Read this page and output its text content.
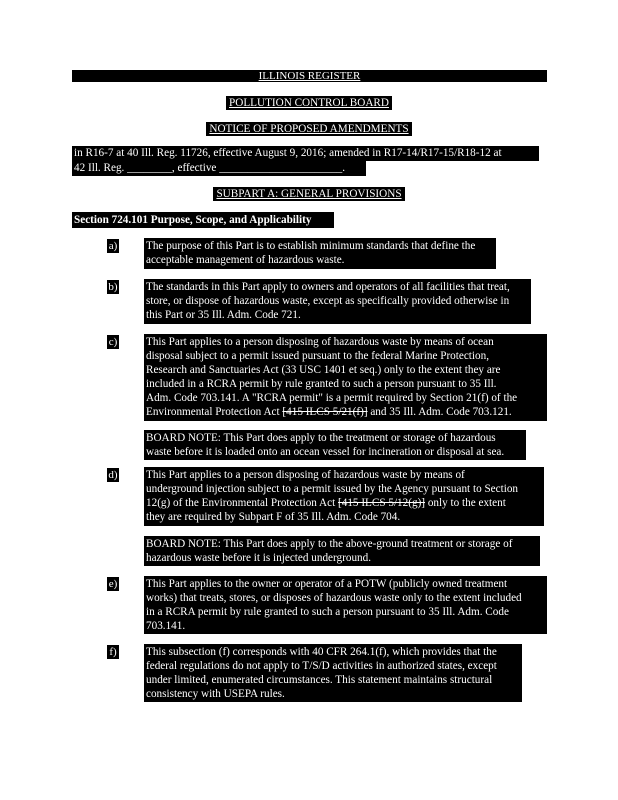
ILLINOIS REGISTER
POLLUTION CONTROL BOARD
NOTICE OF PROPOSED AMENDMENTS
in R16-7 at 40 Ill. Reg. 11726, effective August 9, 2016; amended in R17-14/R17-15/R18-12 at
42 Ill. Reg. ________, effective ______________________.
SUBPART A: GENERAL PROVISIONS
Section 724.101 Purpose, Scope, and Applicability
a)	The purpose of this Part is to establish minimum standards that define the
acceptable management of hazardous waste.
b)	The standards in this Part apply to owners and operators of all facilities that treat,
store, or dispose of hazardous waste, except as specifically provided otherwise in
this Part or 35 Ill. Adm. Code 721.
c)	This Part applies to a person disposing of hazardous waste by means of ocean
disposal subject to a permit issued pursuant to the federal Marine Protection,
Research and Sanctuaries Act (33 USC 1401 et seq.) only to the extent they are
included in a RCRA permit by rule granted to such a person pursuant to 35 Ill.
Adm. Code 703.141. A "RCRA permit" is a permit required by Section 21(f) of the
Environmental Protection Act [415 ILCS 5/21(f)] and 35 Ill. Adm. Code 703.121.
BOARD NOTE: This Part does apply to the treatment or storage of hazardous
waste before it is loaded onto an ocean vessel for incineration or disposal at sea.
d)	This Part applies to a person disposing of hazardous waste by means of
underground injection subject to a permit issued by the Agency pursuant to Section
12(g) of the Environmental Protection Act [415 ILCS 5/12(g)] only to the extent
they are required by Subpart F of 35 Ill. Adm. Code 704.
BOARD NOTE: This Part does apply to the above-ground treatment or storage of
hazardous waste before it is injected underground.
e)	This Part applies to the owner or operator of a POTW (publicly owned treatment
works) that treats, stores, or disposes of hazardous waste only to the extent included
in a RCRA permit by rule granted to such a person pursuant to 35 Ill. Adm. Code
703.141.
f)	This subsection (f) corresponds with 40 CFR 264.1(f), which provides that the
federal regulations do not apply to T/S/D activities in authorized states, except
under limited, enumerated circumstances. This statement maintains structural
consistency with USEPA rules.
